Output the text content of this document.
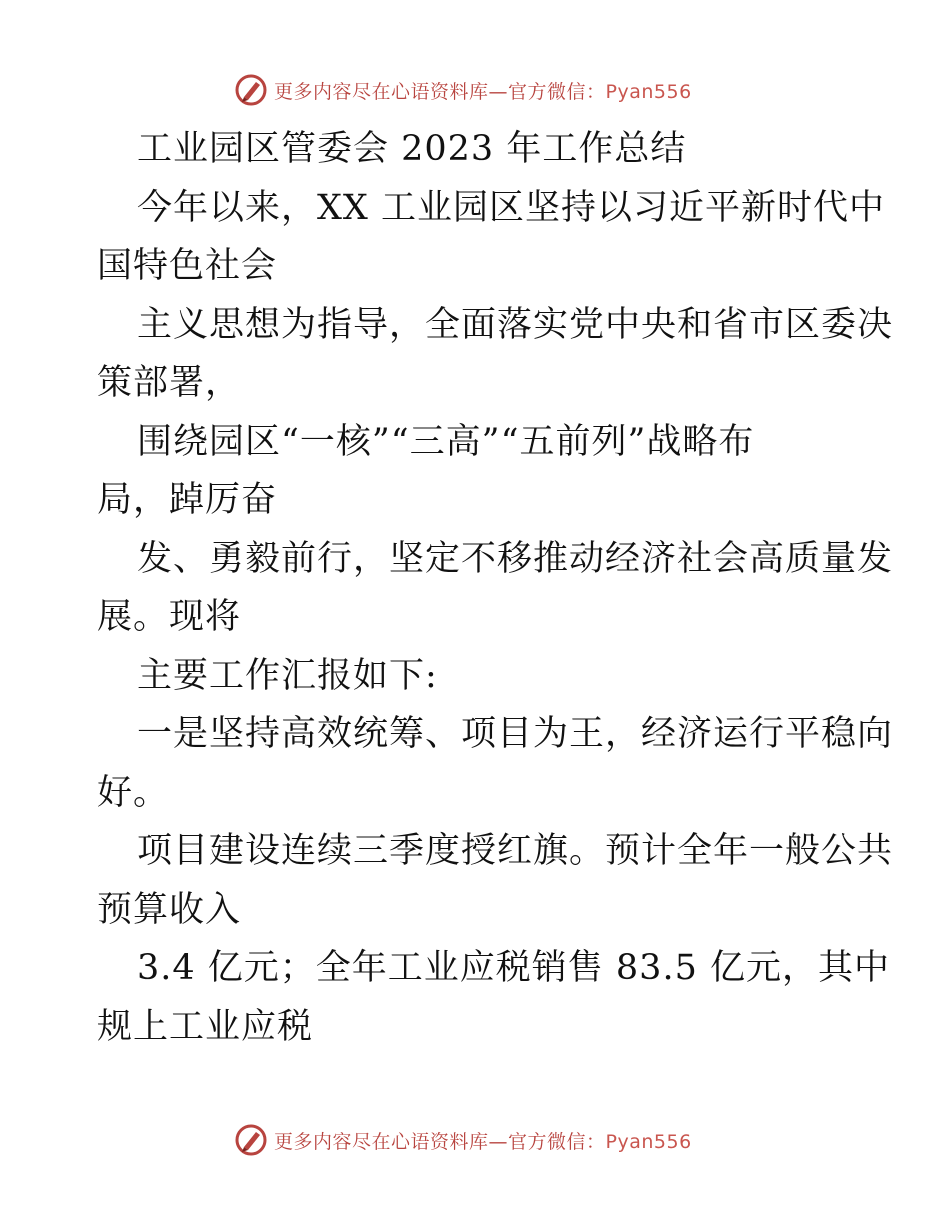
更多内容尽在心语资料库—官方微信：Pyan556
工业园区管委会 2023 年工作总结
今年以来，XX 工业园区坚持以习近平新时代中
国特色社会
主义思想为指导，全面落实党中央和省市区委决
策部署，
围绕园区“一核”“三高”“五前列”战略布
局，踔厉奋
发、勇毅前行，坚定不移推动经济社会高质量发
展。现将
主要工作汇报如下:
一是坚持高效统筹、项目为王，经济运行平稳向
好。
项目建设连续三季度授红旗。预计全年一般公共
预算收入
3.4 亿元；全年工业应税销售 83.5 亿元，其中
规上工业应税
更多内容尽在心语资料库—官方微信：Pyan556
